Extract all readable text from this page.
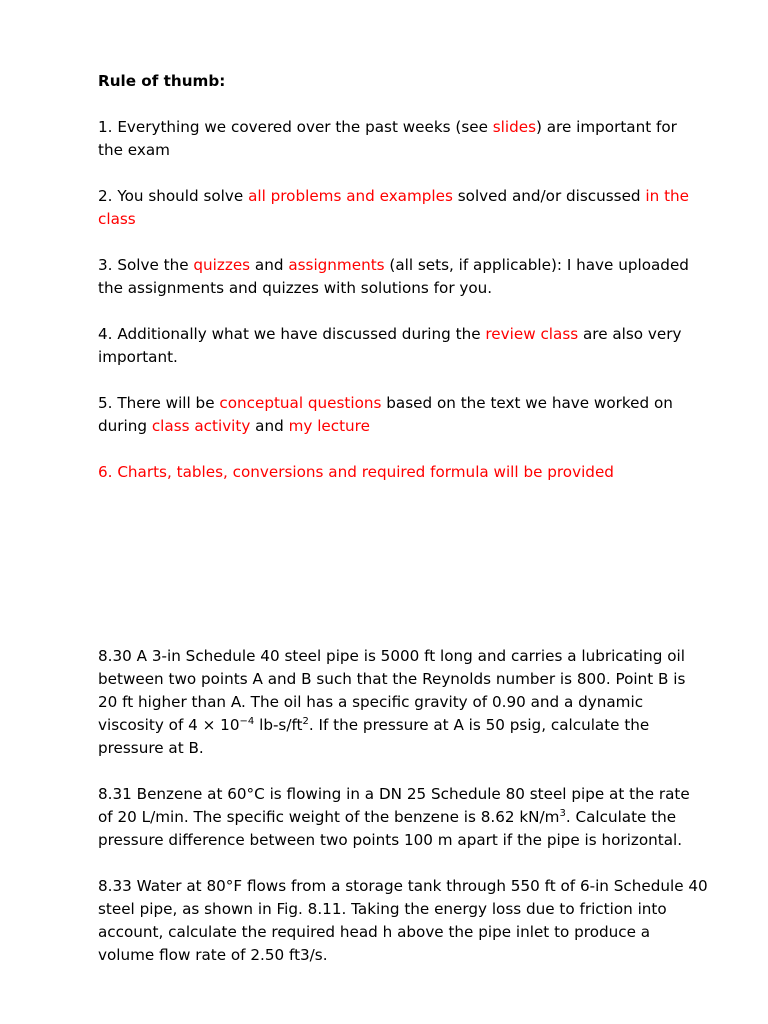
Rule of thumb:

1. Everything we covered over the past weeks (see slides) are important for the exam

2. You should solve all problems and examples solved and/or discussed in the class

3. Solve the quizzes and assignments (all sets, if applicable): I have uploaded the assignments and quizzes with solutions for you.

4. Additionally what we have discussed during the review class are also very important.

5. There will be conceptual questions based on the text we have worked on during class activity and my lecture

6. Charts, tables, conversions and required formula will be provided

8.30 A 3-in Schedule 40 steel pipe is 5000 ft long and carries a lubricating oil between two points A and B such that the Reynolds number is 800. Point B is 20 ft higher than A. The oil has a specific gravity of 0.90 and a dynamic viscosity of $4 \times 10^{-4}$ $lb-s/ft^2$. If the pressure at A is 50 psig, calculate the pressure at B.

8.31 Benzene at 60°C is flowing in a DN 25 Schedule 80 steel pipe at the rate of 20 L/min. The specific weight of the benzene is 8.62 $kN/m^3$. Calculate the pressure difference between two points 100 m apart if the pipe is horizontal.

8.33 Water at 80°F flows from a storage tank through 550 ft of 6-in Schedule 40 steel pipe, as shown in Fig. 8.11. Taking the energy loss due to friction into account, calculate the required head h above the pipe inlet to produce a volume flow rate of 2.50 ft3/s.
